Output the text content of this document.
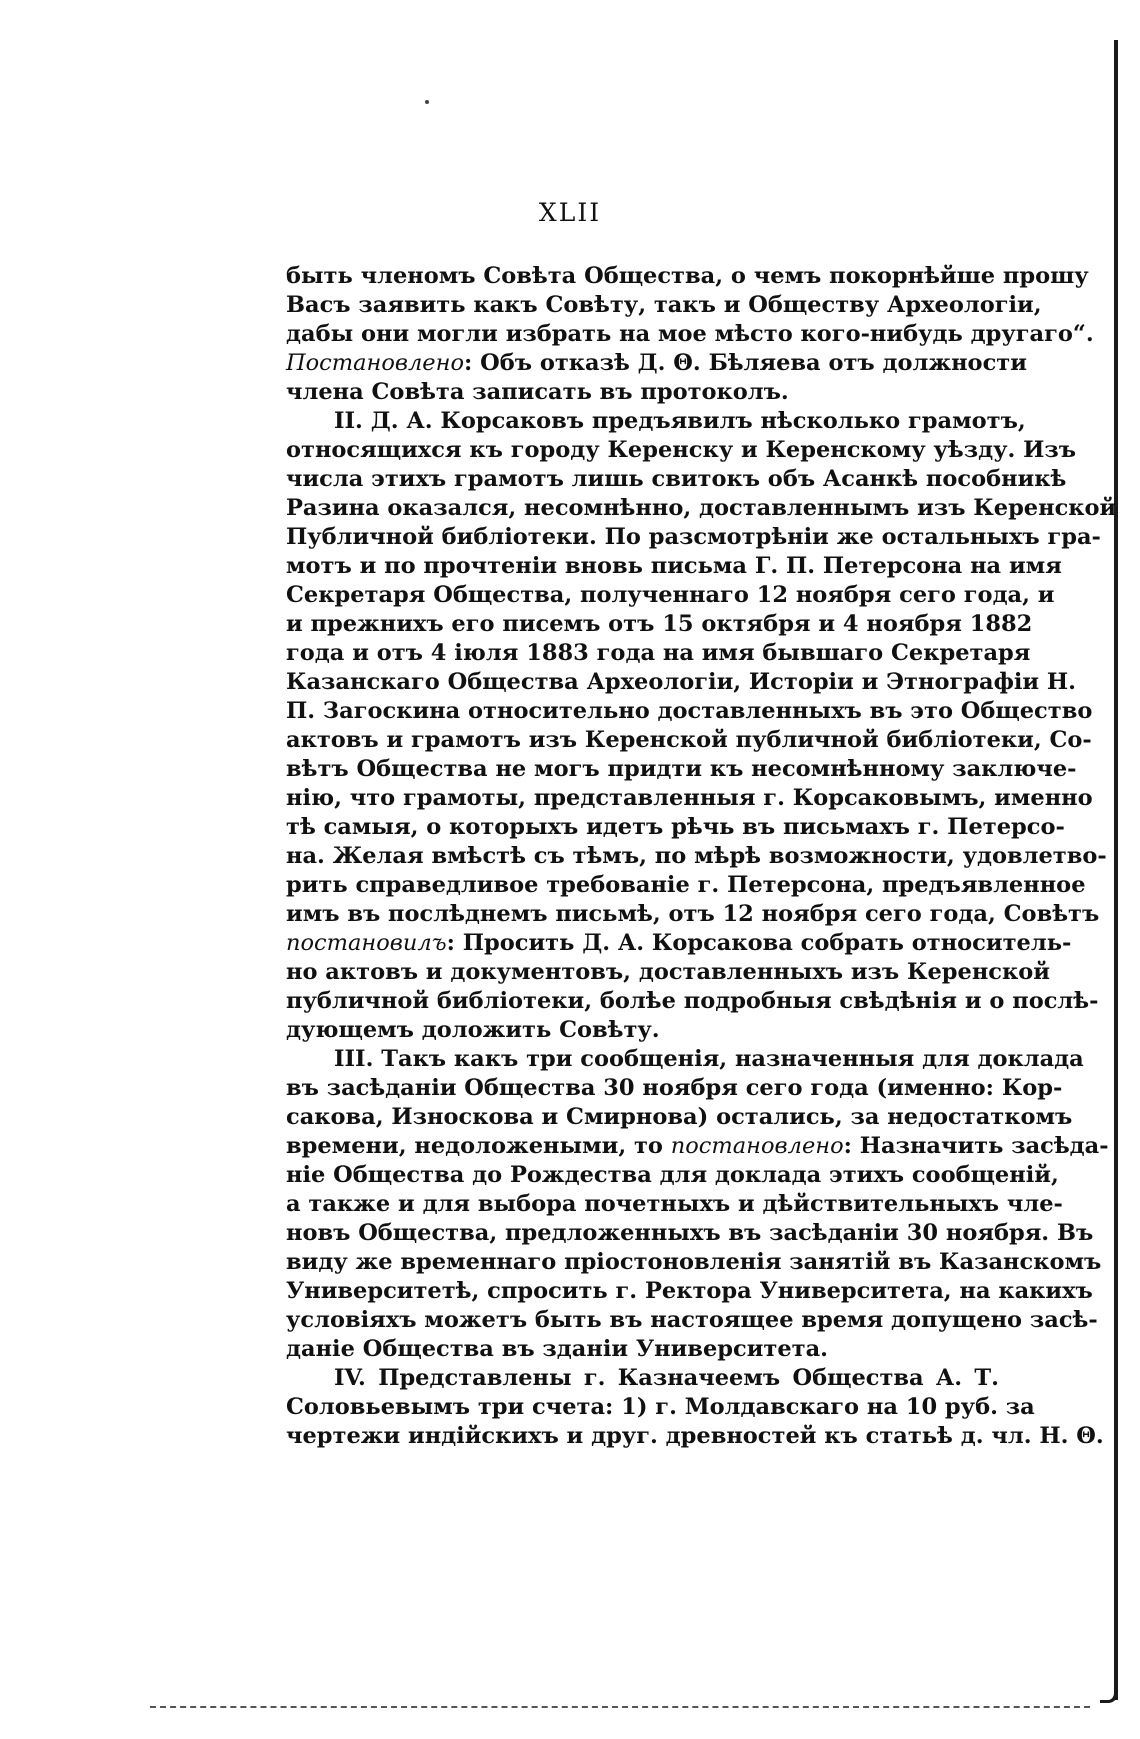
XLII
быть членомъ Совѣта Общества, о чемъ покорнѣйше прошу
Васъ заявить какъ Совѣту, такъ и Обществу Археологіи,
дабы они могли избрать на мое мѣсто кого-нибудь другаго“.
Постановлено: Объ отказѣ Д. Θ. Бѣляева отъ должности
члена Совѣта записать въ протоколъ.
II. Д. А. Корсаковъ предъявилъ нѣсколько грамотъ,
относящихся къ городу Керенску и Керенскому уѣзду. Изъ
числа этихъ грамотъ лишь свитокъ объ Асанкѣ пособникѣ
Разина оказался, несомнѣнно, доставленнымъ изъ Керенской
Публичной библіотеки. По разсмотрѣніи же остальныхъ гра-
мотъ и по прочтеніи вновь письма Г. П. Петерсона на имя
Секретаря Общества, полученнаго 12 ноября сего года, и
и прежнихъ его писемъ отъ 15 октября и 4 ноября 1882
года и отъ 4 іюля 1883 года на имя бывшаго Секретаря
Казанскаго Общества Археологіи, Исторіи и Этнографіи Н.
П. Загоскина относительно доставленныхъ въ это Общество
актовъ и грамотъ изъ Керенской публичной библіотеки, Со-
вѣтъ Общества не могъ придти къ несомнѣнному заключе-
нію, что грамоты, представленныя г. Корсаковымъ, именно
тѣ самыя, о которыхъ идетъ рѣчь въ письмахъ г. Петерсо-
на. Желая вмѣстѣ съ тѣмъ, по мѣрѣ возможности, удовлетво-
рить справедливое требованіе г. Петерсона, предъявленное
имъ въ послѣднемъ письмѣ, отъ 12 ноября сего года, Совѣтъ
постановилъ: Просить Д. А. Корсакова собрать относитель-
но актовъ и документовъ, доставленныхъ изъ Керенской
публичной библіотеки, болѣе подробныя свѣдѣнія и о послѣ-
дующемъ доложить Совѣту.
III. Такъ какъ три сообщенія, назначенныя для доклада
въ засѣданіи Общества 30 ноября сего года (именно: Кор-
сакова, Износкова и Смирнова) остались, за недостаткомъ
времени, недоложеными, то постановлено: Назначить засѣда-
ніе Общества до Рождества для доклада этихъ сообщеній,
а также и для выбора почетныхъ и дѣйствительныхъ чле-
новъ Общества, предложенныхъ въ засѣданіи 30 ноября. Въ
виду же временнаго пріостоновленія занятій въ Казанскомъ
Университетѣ, спросить г. Ректора Университета, на какихъ
условіяхъ можетъ быть въ настоящее время допущено засѣ-
даніе Общества въ зданіи Университета.
IV. Представлены г. Казначеемъ Общества А. Т.
Соловьевымъ три счета: 1) г. Молдавскаго на 10 руб. за
чертежи индійскихъ и друг. древностей къ статьѣ д. чл. Н. Θ.
